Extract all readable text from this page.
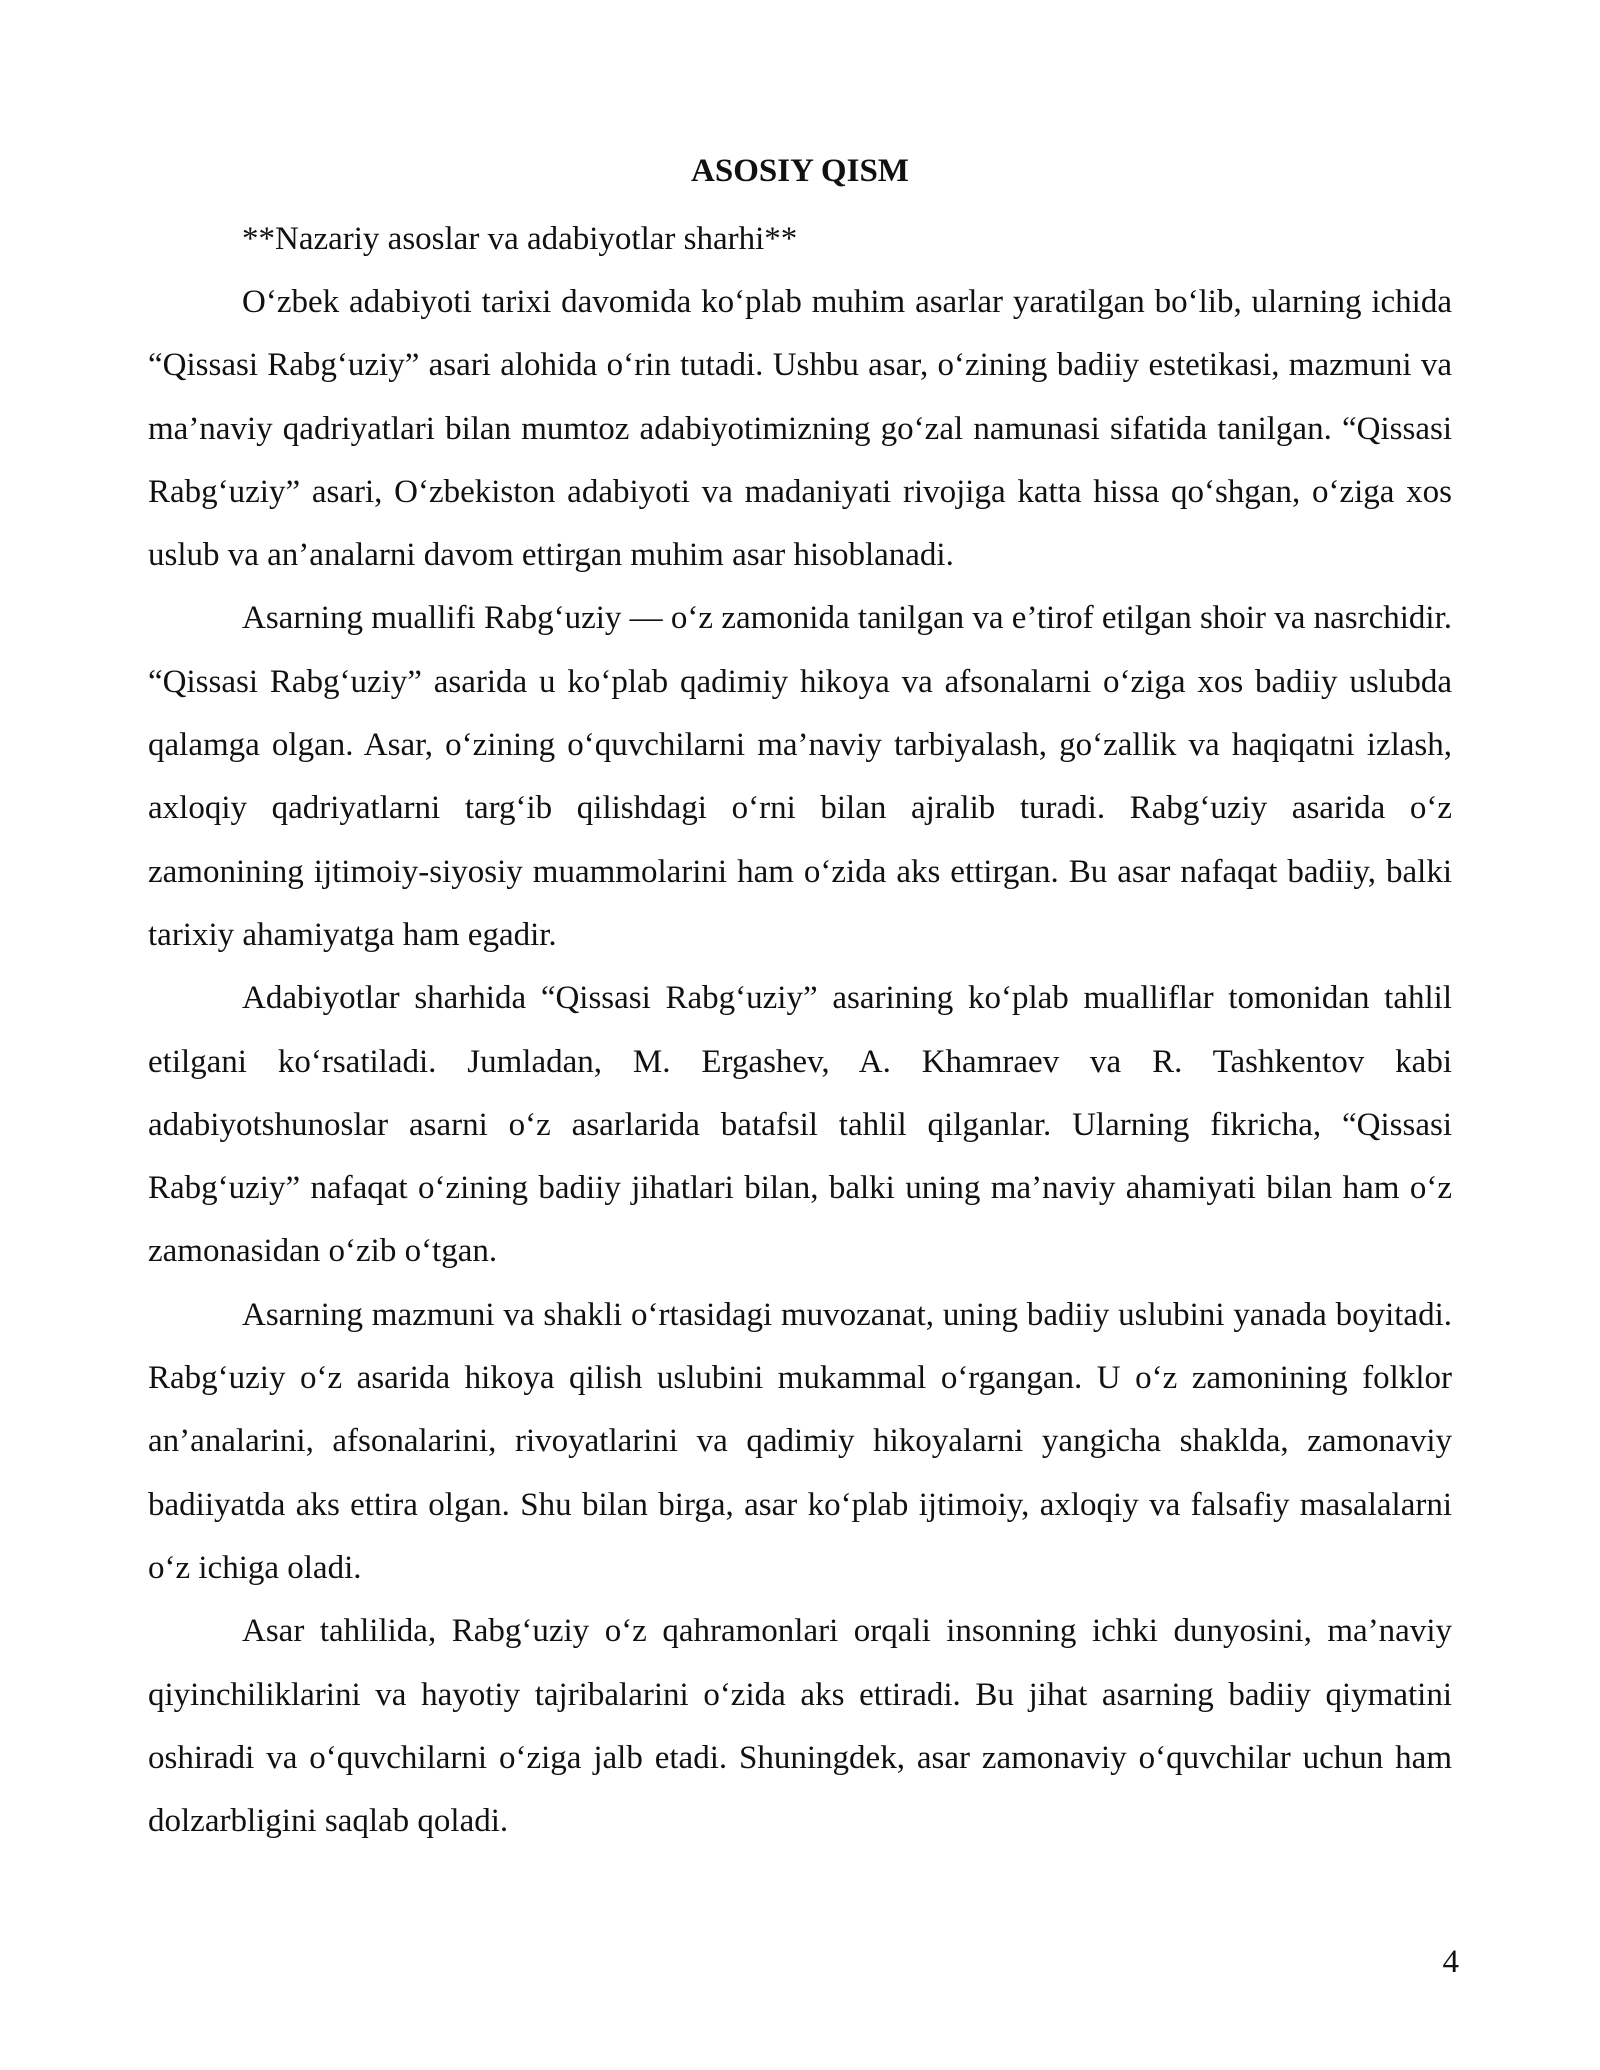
ASOSIY QISM

**Nazariy asoslar va adabiyotlar sharhi**

O‘zbek adabiyoti tarixi davomida ko‘plab muhim asarlar yaratilgan bo‘lib, ularning ichida “Qissasi Rabg‘uziy” asari alohida o‘rin tutadi. Ushbu asar, o‘zining badiiy estetikasi, mazmuni va ma’naviy qadriyatlari bilan mumtoz adabiyotimizning go‘zal namunasi sifatida tanilgan. “Qissasi Rabg‘uziy” asari, O‘zbekiston adabiyoti va madaniyati rivojiga katta hissa qo‘shgan, o‘ziga xos uslub va an’analarni davom ettirgan muhim asar hisoblanadi.

Asarning muallifi Rabg‘uziy — o‘z zamonida tanilgan va e’tirof etilgan shoir va nasrchidir. “Qissasi Rabg‘uziy” asarida u ko‘plab qadimiy hikoya va afsonalarni o‘ziga xos badiiy uslubda qalamga olgan. Asar, o‘zining o‘quvchilarni ma’naviy tarbiyalash, go‘zallik va haqiqatni izlash, axloqiy qadriyatlarni targ‘ib qilishdagi o‘rni bilan ajralib turadi. Rabg‘uziy asarida o‘z zamonining ijtimoiy-siyosiy muammolarini ham o‘zida aks ettirgan. Bu asar nafaqat badiiy, balki tarixiy ahamiyatga ham egadir.

Adabiyotlar sharhida “Qissasi Rabg‘uziy” asarining ko‘plab mualliflar tomonidan tahlil etilgani ko‘rsatiladi. Jumladan, M. Ergashev, A. Khamraev va R. Tashkentov kabi adabiyotshunoslar asarni o‘z asarlarida batafsil tahlil qilganlar. Ularning fikricha, “Qissasi Rabg‘uziy” nafaqat o‘zining badiiy jihatlari bilan, balki uning ma’naviy ahamiyati bilan ham o‘z zamonasidan o‘zib o‘tgan.

Asarning mazmuni va shakli o‘rtasidagi muvozanat, uning badiiy uslubini yanada boyitadi. Rabg‘uziy o‘z asarida hikoya qilish uslubini mukammal o‘rgangan. U o‘z zamonining folklor an’analarini, afsonalarini, rivoyatlarini va qadimiy hikoyalarni yangicha shaklda, zamonaviy badiiyatda aks ettira olgan. Shu bilan birga, asar ko‘plab ijtimoiy, axloqiy va falsafiy masalalarni o‘z ichiga oladi.

Asar tahlilida, Rabg‘uziy o‘z qahramonlari orqali insonning ichki dunyosini, ma’naviy qiyinchiliklarini va hayotiy tajribalarini o‘zida aks ettiradi. Bu jihat asarning badiiy qiymatini oshiradi va o‘quvchilarni o‘ziga jalb etadi. Shuningdek, asar zamonaviy o‘quvchilar uchun ham dolzarbligini saqlab qoladi.

4
